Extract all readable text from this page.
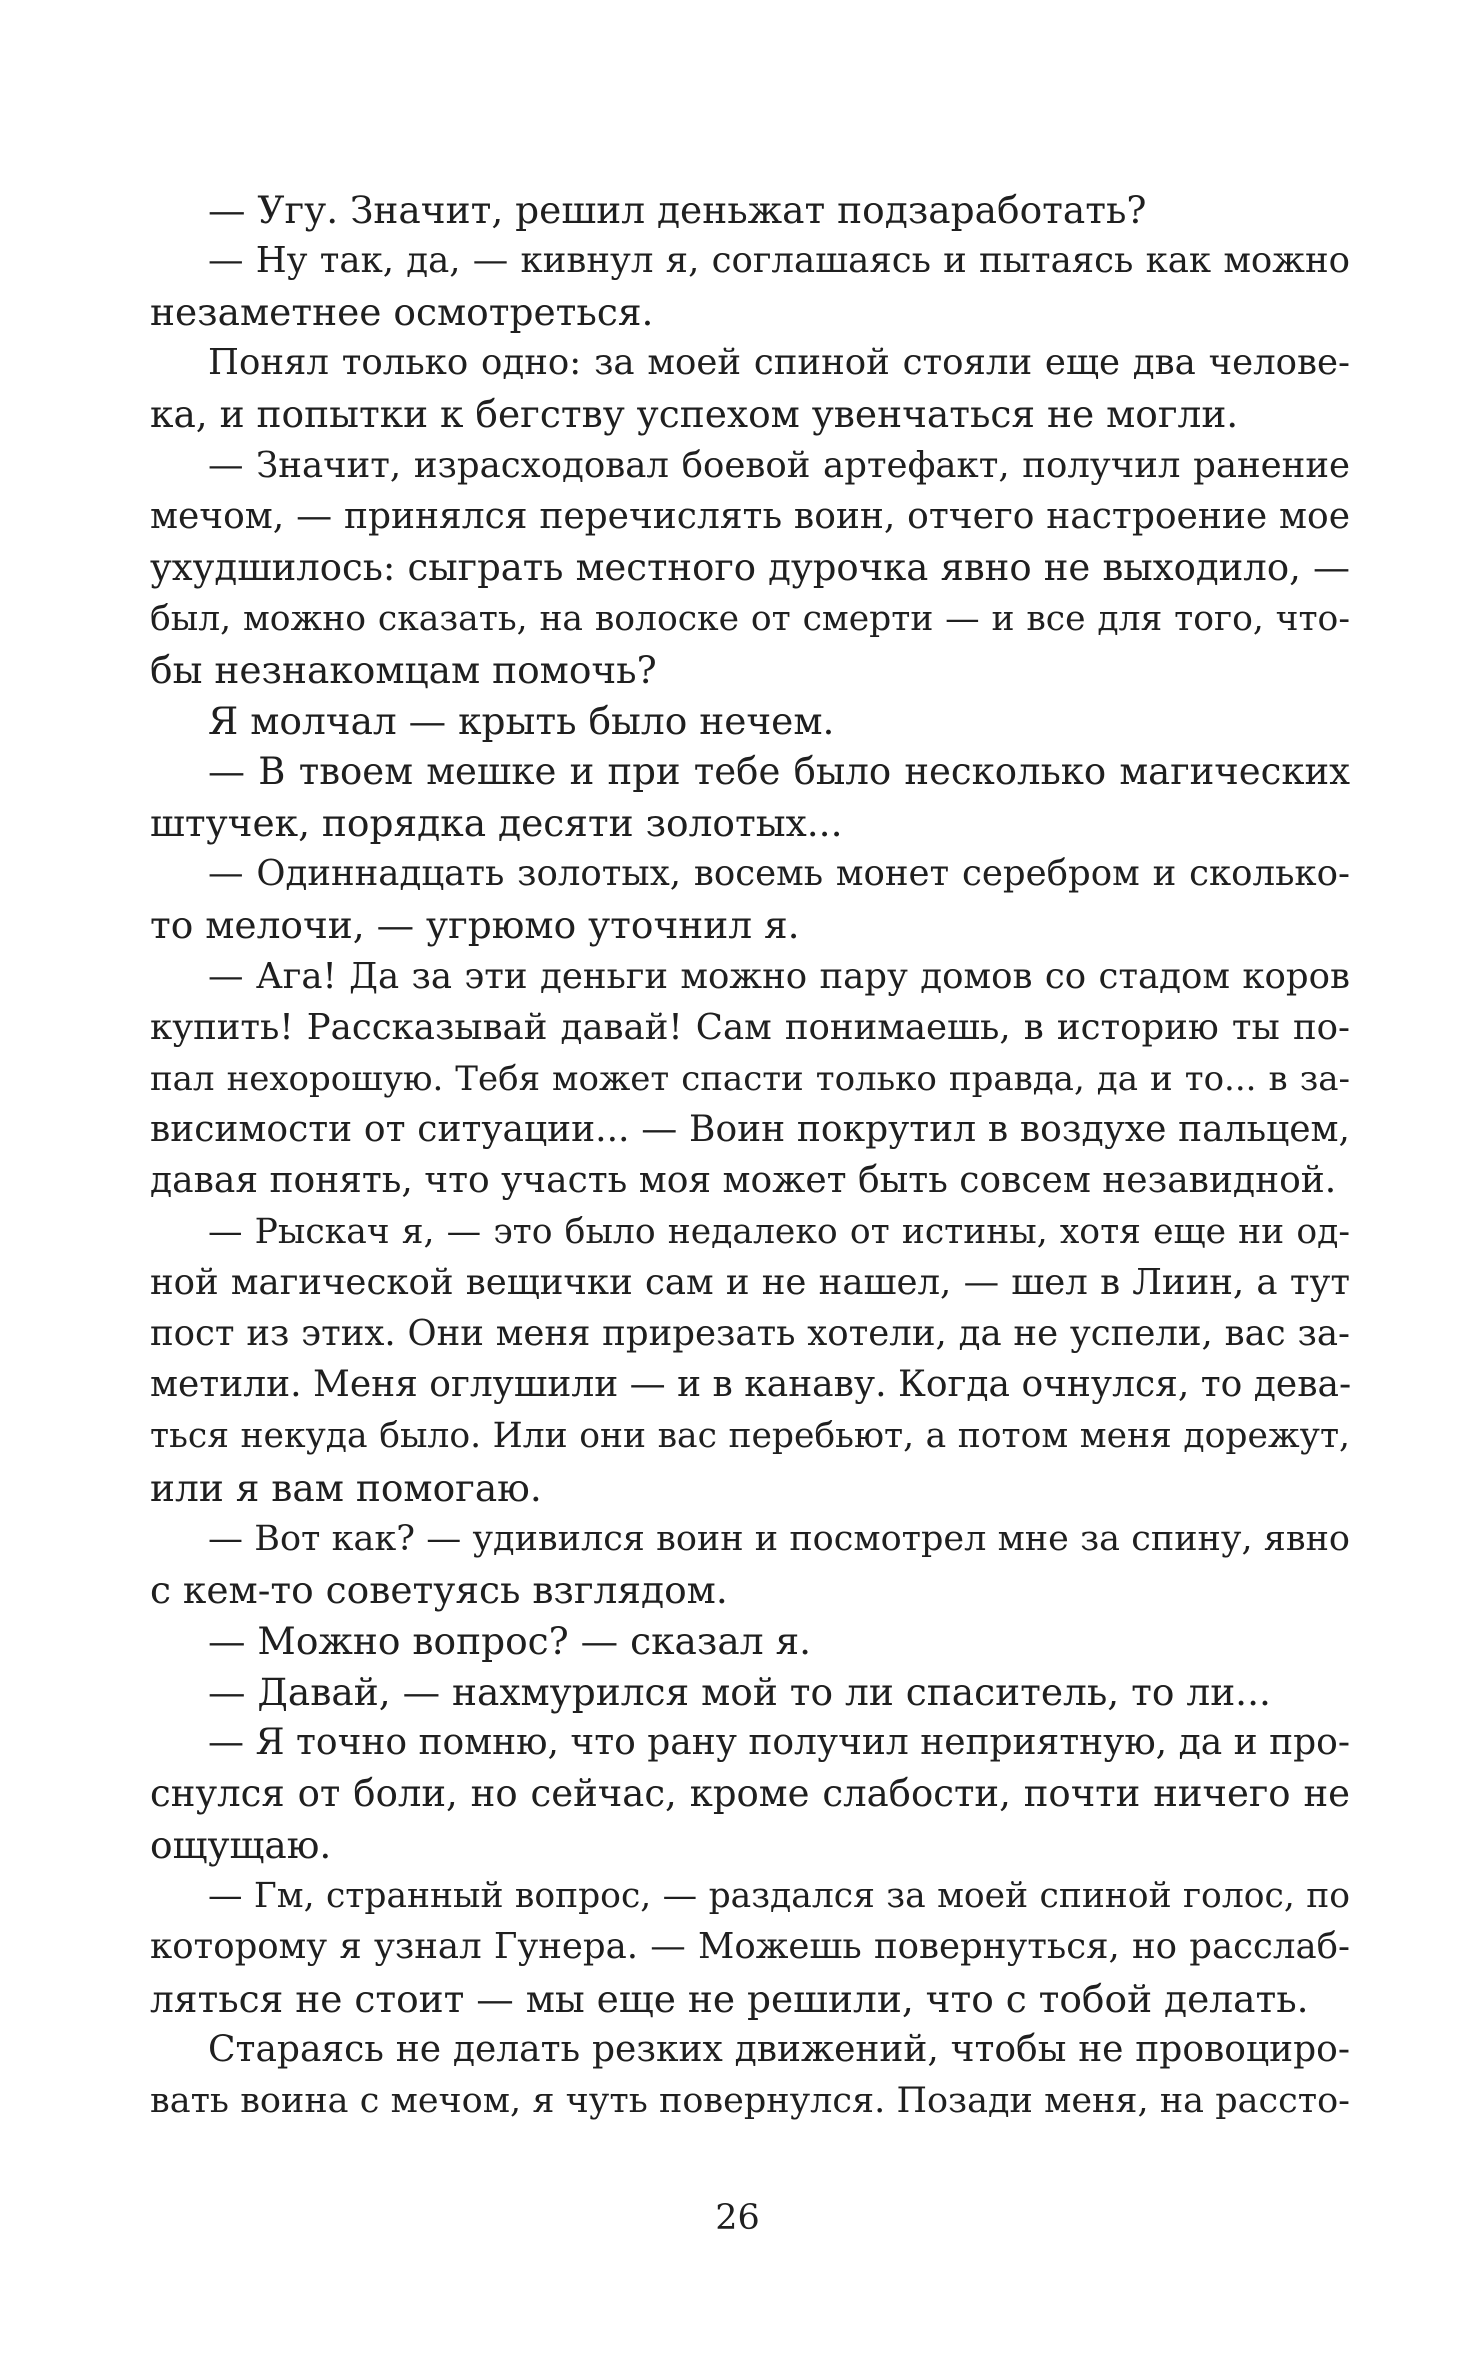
— Угу. Значит, решил деньжат подзаработать?
— Ну так, да, — кивнул я, соглашаясь и пытаясь как можно
незаметнее осмотреться.
Понял только одно: за моей спиной стояли еще два челове-
ка, и попытки к бегству успехом увенчаться не могли.
— Значит, израсходовал боевой артефакт, получил ранение
мечом, — принялся перечислять воин, отчего настроение мое
ухудшилось: сыграть местного дурочка явно не выходило, —
был, можно сказать, на волоске от смерти — и все для того, что-
бы незнакомцам помочь?
Я молчал — крыть было нечем.
— В твоем мешке и при тебе было несколько магических
штучек, порядка десяти золотых...
— Одиннадцать золотых, восемь монет серебром и сколько-
то мелочи, — угрюмо уточнил я.
— Ага! Да за эти деньги можно пару домов со стадом коров
купить! Рассказывай давай! Сам понимаешь, в историю ты по-
пал нехорошую. Тебя может спасти только правда, да и то... в за-
висимости от ситуации... — Воин покрутил в воздухе пальцем,
давая понять, что участь моя может быть совсем незавидной.
— Рыскач я, — это было недалеко от истины, хотя еще ни од-
ной магической вещички сам и не нашел, — шел в Лиин, а тут
пост из этих. Они меня прирезать хотели, да не успели, вас за-
метили. Меня оглушили — и в канаву. Когда очнулся, то дева-
ться некуда было. Или они вас перебьют, а потом меня дорежут,
или я вам помогаю.
— Вот как? — удивился воин и посмотрел мне за спину, явно
с кем-то советуясь взглядом.
— Можно вопрос? — сказал я.
— Давай, — нахмурился мой то ли спаситель, то ли...
— Я точно помню, что рану получил неприятную, да и про-
снулся от боли, но сейчас, кроме слабости, почти ничего не
ощущаю.
— Гм, странный вопрос, — раздался за моей спиной голос, по
которому я узнал Гунера. — Можешь повернуться, но расслаб-
ляться не стоит — мы еще не решили, что с тобой делать.
Стараясь не делать резких движений, чтобы не провоциро-
вать воина с мечом, я чуть повернулся. Позади меня, на рассто-
26
